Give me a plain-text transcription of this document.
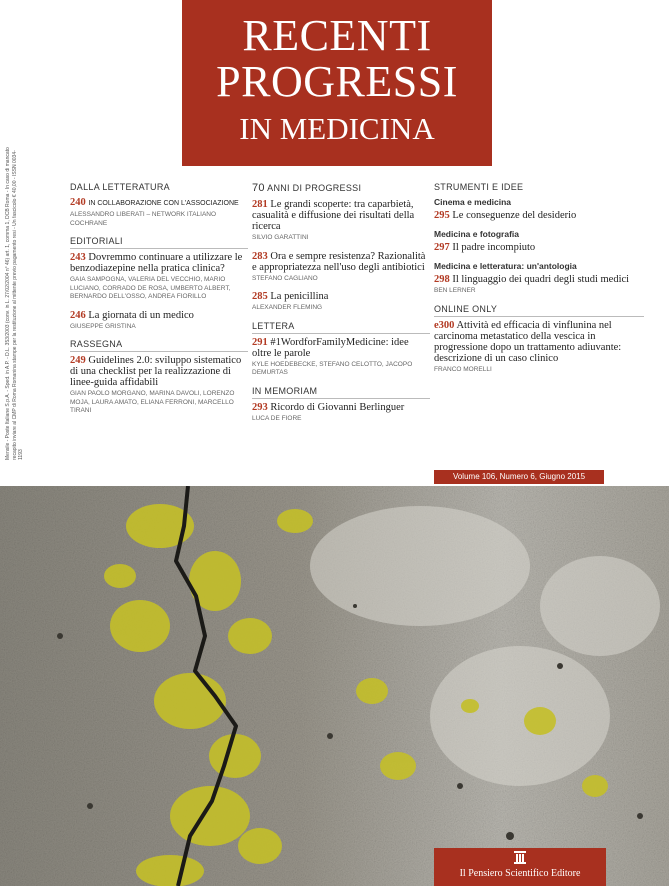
RECENTI
PROGRESSI
IN MEDICINA
Mensile - Poste Italiane S.p.A. - Sped. in A.P. - D.L. 353/2003 (conv. in L. 27/02/2004 n° 46) art. 1, comma 1, DCB Roma - In caso di mancato recapito inviare al CMP di Roma Romanina stampe per la restituzione al mittente previo pagamento resi - Un fascicolo € 40,00 - ISSN 0034-1193
DALLA LETTERATURA
240 IN COLLABORAZIONE CON L'ASSOCIAZIONE
ALESSANDRO LIBERATI – NETWORK ITALIANO COCHRANE
EDITORIALI
243 Dovremmo continuare a utilizzare le benzodiazepine nella pratica clinica?
GAIA SAMPOGNA, VALERIA DEL VECCHIO, MARIO LUCIANO, CORRADO DE ROSA, UMBERTO ALBERT, BERNARDO DELL'OSSO, ANDREA FIORILLO
246 La giornata di un medico
GIUSEPPE GRISTINA
RASSEGNA
249 Guidelines 2.0: sviluppo sistematico di una checklist per la realizzazione di linee-guida affidabili
GIAN PAOLO MORGANO, MARINA DAVOLI, LORENZO MOJA, LAURA AMATO, ELIANA FERRONI, MARCELLO TIRANI
70 ANNI DI PROGRESSI
281 Le grandi scoperte: tra caparbietà, casualità e diffusione dei risultati della ricerca
SILVIO GARATTINI
283 Ora e sempre resistenza? Razionalità e appropriatezza nell'uso degli antibiotici
STEFANO CAGLIANO
285 La penicillina
ALEXANDER FLEMING
LETTERA
291 #1WordforFamilyMedicine: idee oltre le parole
KYLE HOEDEBECKE, STEFANO CELOTTO, JACOPO DEMURTAS
IN MEMORIAM
293 Ricordo di Giovanni Berlinguer
LUCA DE FIORE
STRUMENTI E IDEE
Cinema e medicina
295 Le conseguenze del desiderio
Medicina e fotografia
297 Il padre incompiuto
Medicina e letteratura: un'antologia
298 Il linguaggio dei quadri degli studi medici
BEN LERNER
ONLINE ONLY
e300 Attività ed efficacia di vinflunina nel carcinoma metastatico della vescica in progressione dopo un trattamento adiuvante: descrizione di un caso clinico
FRANCO MORELLI
Volume 106, Numero 6, Giugno 2015
Il Pensiero Scientifico Editore
